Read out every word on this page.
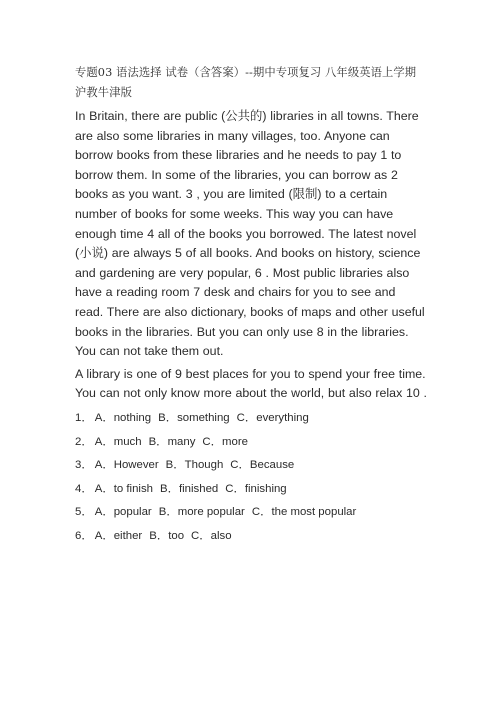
专题03 语法选择 试卷（含答案）--期中专项复习 八年级英语上学期 沪教牛津版

In Britain, there are public (公共的) libraries in all towns. There are also some libraries in many villages, too. Anyone can borrow books from these libraries and he needs to pay 1 to borrow them. In some of the libraries, you can borrow as 2 books as you want. 3 , you are limited (限制) to a certain number of books for some weeks. This way you can have enough time 4 all of the books you borrowed. The latest novel (小说) are always 5 of all books. And books on history, science and gardening are very popular, 6 . Most public libraries also have a reading room 7 desk and chairs for you to see and read. There are also dictionary, books of maps and other useful books in the libraries. But you can only use 8 in the libraries. You can not take them out.

A library is one of 9 best places for you to spend your free time. You can not only know more about the world, but also relax 10 .

1． A．nothing B．something C．everything
2． A．much B．many C．more
3． A．However B．Though C．Because
4． A．to finish B．finished C．finishing
5． A．popular B．more popular C．the most popular
6． A．either B．too C．also
